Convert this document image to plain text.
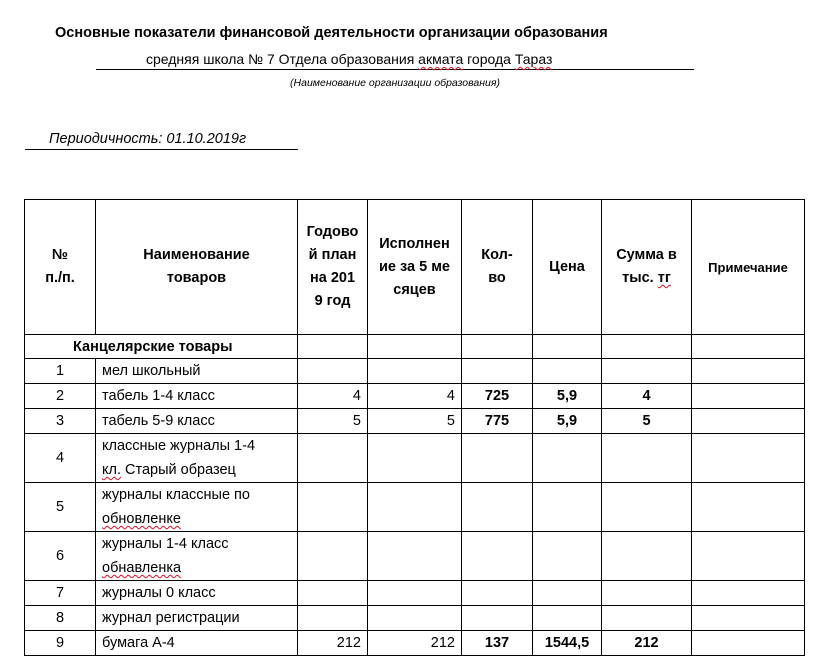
Основные показатели финансовой деятельности организации образования
средняя школа № 7 Отдела образования акмата города Тараз
(Наименование организации образования)
Периодичность: 01.10.2019г
№ п./п.	Наименование товаров	Годовой план на 2019 год	Исполнение за 5 месяцев	Кол-во	Цена	Сумма в тыс. тг	Примечание
Канцелярские товары							
1	мел школьный						
2	табель 1-4 класс	4	4	725	5,9	4	
3	табель 5-9 класс	5	5	775	5,9	5	
4	классные журналы 1-4
кл. Старый образец						
5	журналы классные по
обновленке						
6	журналы 1-4 класс
обнавленка						
7	журналы 0 класс						
8	журнал регистрации						
9	бумага А-4	212	212	137	1544,5	212	
